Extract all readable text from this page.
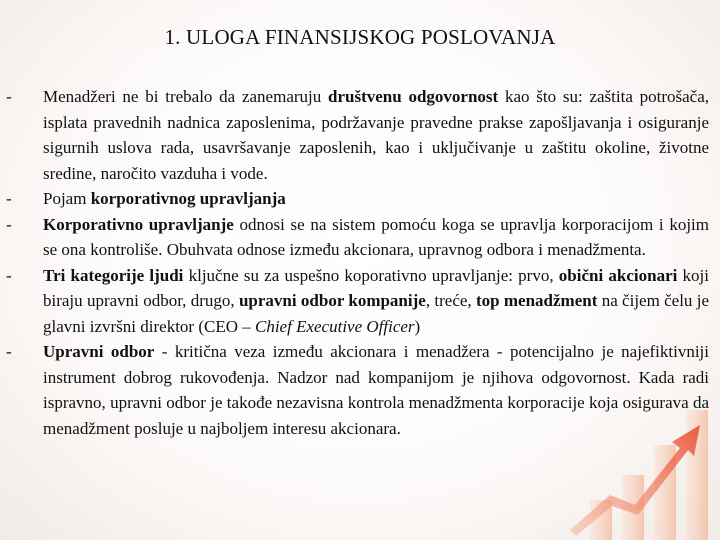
1. ULOGA FINANSIJSKOG POSLOVANJA
- Menadžeri ne bi trebalo da zanemaruju društvenu odgovornost kao što su: zaštita potrošača, isplata pravednih nadnica zaposlenima, podržavanje pravedne prakse zapošljavanja i osiguranje sigurnih uslova rada, usavršavanje zaposlenih, kao i uključivanje u zaštitu okoline, životne sredine, naročito vazduha i vode.
- Pojam korporativnog upravljanja
- Korporativno upravljanje odnosi se na sistem pomoću koga se upravlja korporacijom i kojim se ona kontroliše. Obuhvata odnose između akcionara, upravnog odbora i menadžmenta.
- Tri kategorije ljudi ključne su za uspešno koporativno upravljanje: prvo, obični akcionari koji biraju upravni odbor, drugo, upravni odbor kompanije, treće, top menadžment na čijem čelu je glavni izvršni direktor (CEO – Chief Executive Officer)
- Upravni odbor - kritična veza između akcionara i menadžera - potencijalno je najefiktivniji instrument dobrog rukovođenja. Nadzor nad kompanijom je njihova odgovornost. Kada radi ispravno, upravni odbor je takođe nezavisna kontrola menadžmenta korporacije koja osigurava da menadžment posluje u najboljem interesu akcionara.
